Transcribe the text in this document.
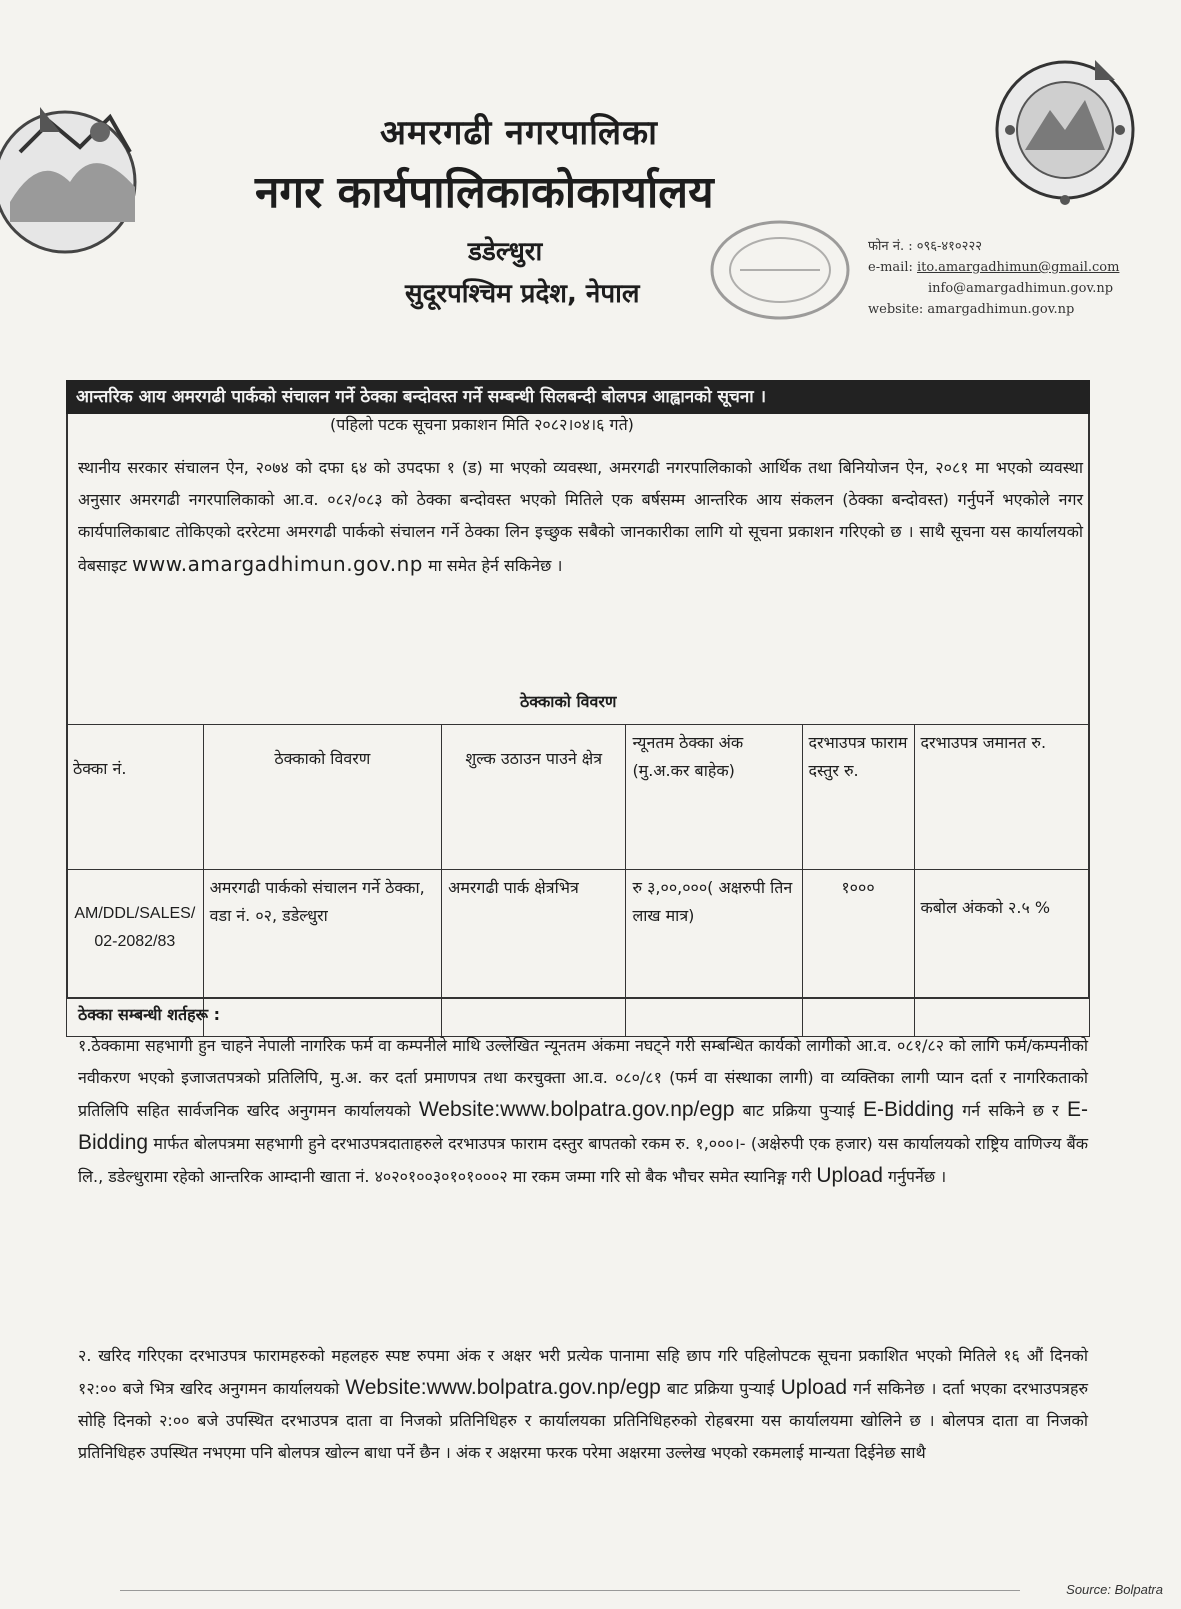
अमरगढी नगरपालिका
नगर कार्यपालिकाकोकार्यालय
डडेल्धुरा
सुदूरपश्चिम प्रदेश, नेपाल
फोन नं. : ०९६-४१०२२२
e-mail: ito.amargadhimun@gmail.com
info@amargadhimun.gov.np
website: amargadhimun.gov.np
आन्तरिक आय अमरगढी पार्कको संचालन गर्ने ठेक्का बन्दोवस्त गर्ने सम्बन्धी सिलबन्दी बोलपत्र आह्वानको सूचना ।
(पहिलो पटक सूचना प्रकाशन मिति २०८२।०४।६ गते)
स्थानीय सरकार संचालन ऐन, २०७४ को दफा ६४ को उपदफा १ (ड) मा भएको व्यवस्था, अमरगढी नगरपालिकाको आर्थिक तथा बिनियोजन ऐन, २०८१ मा भएको व्यवस्था अनुसार अमरगढी नगरपालिकाको आ.व. ०८२/०८३ को ठेक्का बन्दोवस्त भएको मितिले एक बर्षसम्म आन्तरिक आय संकलन (ठेक्का बन्दोवस्त) गर्नुपर्ने भएकोले नगर कार्यपालिकाबाट तोकिएको दररेटमा अमरगढी पार्कको संचालन गर्ने ठेक्का लिन इच्छुक सबैको जानकारीका लागि यो सूचना प्रकाशन गरिएको छ । साथै सूचना यस कार्यालयको वेबसाइट www.amargadhimun.gov.np मा समेत हेर्न सकिनेछ ।
ठेक्काको विवरण
ठेक्का नं.	ठेक्काको विवरण	शुल्क उठाउन पाउने क्षेत्र	न्यूनतम ठेक्का अंक (मु.अ.कर बाहेक)	दरभाउपत्र फाराम दस्तुर रु.	दरभाउपत्र जमानत रु.
AM/DDL/SALES/02-2082/83	अमरगढी पार्कको संचालन गर्ने ठेक्का, वडा नं. ०२, डडेल्धुरा	अमरगढी पार्क क्षेत्रभित्र	रु ३,००,०००( अक्षरुपी तिन लाख मात्र)	१०००	कबोल अंकको २.५ %
ठेक्का सम्बन्धी शर्तहरू :
१.ठेक्कामा सहभागी हुन चाहने नेपाली नागरिक फर्म वा कम्पनीले माथि उल्लेखित न्यूनतम अंकमा नघट्ने गरी सम्बन्धित कार्यको लागीको आ.व. ०८१/८२ को लागि फर्म/कम्पनीको नवीकरण भएको इजाजतपत्रको प्रतिलिपि, मु.अ. कर दर्ता प्रमाणपत्र तथा करचुक्ता आ.व. ०८०/८१ (फर्म वा संस्थाका लागी) वा व्यक्तिका लागी प्यान दर्ता र नागरिकताको प्रतिलिपि सहित सार्वजनिक खरिद अनुगमन कार्यालयको Website:www.bolpatra.gov.np/egp बाट प्रक्रिया पुऱ्याई E-Bidding गर्न सकिने छ र E-Bidding मार्फत बोलपत्रमा सहभागी हुने दरभाउपत्रदाताहरुले दरभाउपत्र फाराम दस्तुर बापतको रकम रु. १,०००।- (अक्षेरुपी एक हजार) यस कार्यालयको राष्ट्रिय वाणिज्य बैंक लि., डडेल्धुरामा रहेको आन्तरिक आम्दानी खाता नं. ४०२०१००३०१०१०००२ मा रकम जम्मा गरि सो बैक भौचर समेत स्यानिङ्ग गरी Upload गर्नुपर्नेछ ।
२. खरिद गरिएका दरभाउपत्र फारामहरुको महलहरु स्पष्ट रुपमा अंक र अक्षर भरी प्रत्येक पानामा सहि छाप गरि पहिलोपटक सूचना प्रकाशित भएको मितिले १६ औं दिनको १२:०० बजे भित्र खरिद अनुगमन कार्यालयको Website:www.bolpatra.gov.np/egp बाट प्रक्रिया पुऱ्याई Upload गर्न सकिनेछ । दर्ता भएका दरभाउपत्रहरु सोहि दिनको २:०० बजे उपस्थित दरभाउपत्र दाता वा निजको प्रतिनिधिहरु र कार्यालयका प्रतिनिधिहरुको रोहबरमा यस कार्यालयमा खोलिने छ । बोलपत्र दाता वा निजको प्रतिनिधिहरु उपस्थित नभएमा पनि बोलपत्र खोल्न बाधा पर्ने छैन । अंक र अक्षरमा फरक परेमा अक्षरमा उल्लेख भएको रकमलाई मान्यता दिईनेछ साथै
Source: Bolpatra
